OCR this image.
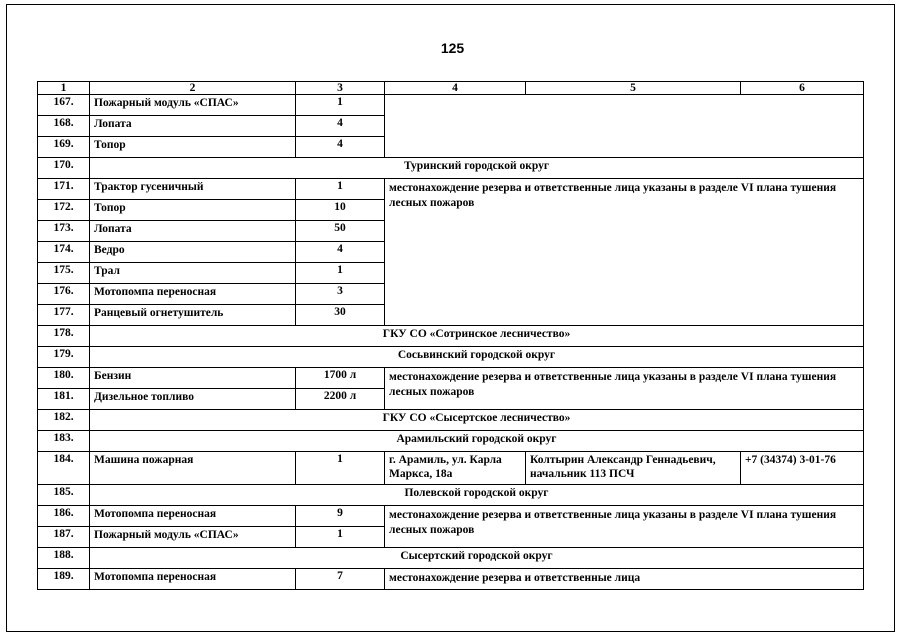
125
1	2	3	4	5	6
167.	Пожарный модуль «СПАС»	1			
168.	Лопата	4			
169.	Топор	4			
170.	Туринский городской округ				
171.	Трактор гусеничный	1	местонахождение резерва и ответственные лица указаны в разделе VI плана тушения лесных пожаров		
172.	Топор	10			
173.	Лопата	50			
174.	Ведро	4			
175.	Трал	1			
176.	Мотопомпа переносная	3			
177.	Ранцевый огнетушитель	30			
178.	ГКУ СО «Сотринское лесничество»				
179.	Сосьвинский городской округ				
180.	Бензин	1700 л	местонахождение резерва и ответственные лица указаны в разделе VI плана тушения лесных пожаров		
181.	Дизельное топливо	2200 л			
182.	ГКУ СО «Сысертское лесничество»				
183.	Арамильский городской округ				
184.	Машина пожарная	1	г. Арамиль, ул. Карла Маркса, 18а	Колтырин Александр Геннадьевич, начальник 113 ПСЧ	+7 (34374) 3-01-76
185.	Полевской городской округ				
186.	Мотопомпа переносная	9	местонахождение резерва и ответственные лица указаны в разделе VI плана тушения лесных пожаров		
187.	Пожарный модуль «СПАС»	1			
188.	Сысертский городской округ				
189.	Мотопомпа переносная	7	местонахождение резерва и ответственные лица		
